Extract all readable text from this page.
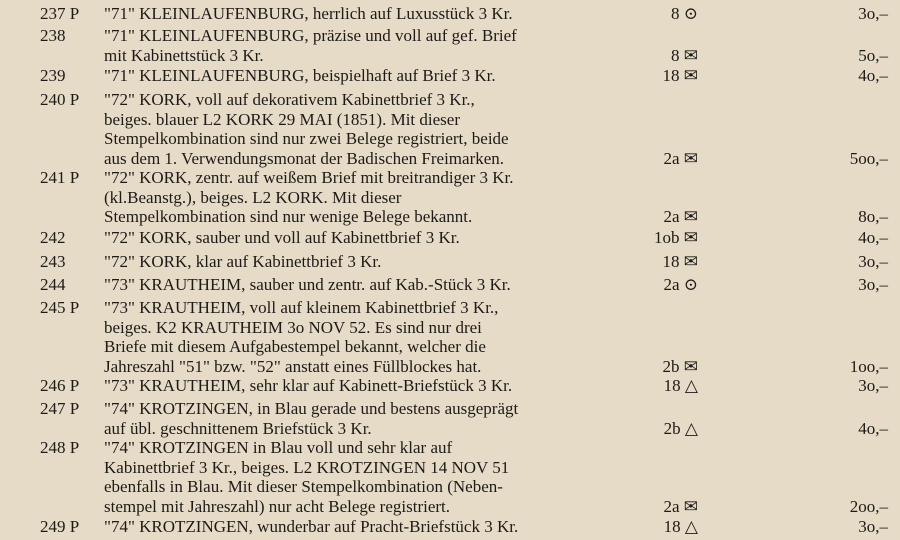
237 P	"71" KLEINLAUFENBURG, herrlich auf Luxusstück 3 Kr.	8 ⊙	3o,–
238	"71" KLEINLAUFENBURG, präzise und voll auf gef. Brief
mit Kabinettstück 3 Kr.	8 ✉	5o,–
239	"71" KLEINLAUFENBURG, beispielhaft auf Brief 3 Kr.	18 ✉	4o,–
240 P	"72" KORK, voll auf dekorativem Kabinettbrief 3 Kr.,
beiges. blauer L2 KORK 29 MAI (1851). Mit dieser
Stempelkombination sind nur zwei Belege registriert, beide
aus dem 1. Verwendungsmonat der Badischen Freimarken.	2a ✉	5oo,–
241 P	"72" KORK, zentr. auf weißem Brief mit breitrandiger 3 Kr.
(kl.Beanstg.), beiges. L2 KORK. Mit dieser
Stempelkombination sind nur wenige Belege bekannt.	2a ✉	8o,–
242	"72" KORK, sauber und voll auf Kabinettbrief 3 Kr.	1ob ✉	4o,–
243	"72" KORK, klar auf Kabinettbrief 3 Kr.	18 ✉	3o,–
244	"73" KRAUTHEIM, sauber und zentr. auf Kab.-Stück 3 Kr.	2a ⊙	3o,–
245 P	"73" KRAUTHEIM, voll auf kleinem Kabinettbrief 3 Kr.,
beiges. K2 KRAUTHEIM 3o NOV 52. Es sind nur drei
Briefe mit diesem Aufgabestempel bekannt, welcher die
Jahreszahl "51" bzw. "52" anstatt eines Füllblockes hat.	2b ✉	1oo,–
246 P	"73" KRAUTHEIM, sehr klar auf Kabinett-Briefstück 3 Kr.	18 △	3o,–
247 P	"74" KROTZINGEN, in Blau gerade und bestens ausgeprägt
auf übl. geschnittenem Briefstück 3 Kr.	2b △	4o,–
248 P	"74" KROTZINGEN in Blau voll und sehr klar auf
Kabinettbrief 3 Kr., beiges. L2 KROTZINGEN 14 NOV 51
ebenfalls in Blau. Mit dieser Stempelkombination (Neben-
stempel mit Jahreszahl) nur acht Belege registriert.	2a ✉	2oo,–
249 P	"74" KROTZINGEN, wunderbar auf Pracht-Briefstück 3 Kr.	18 △	3o,–
